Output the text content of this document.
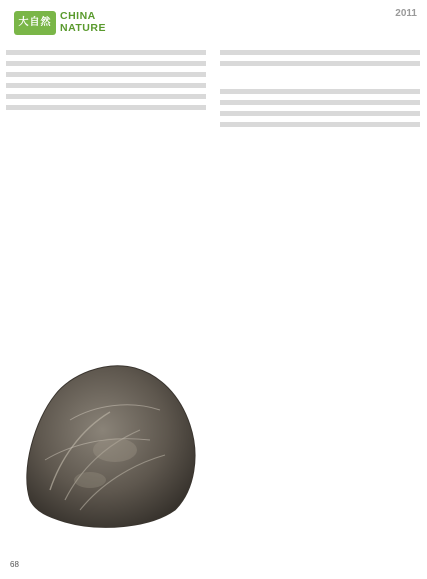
大自然
CHINA
NATURE
2011

68
